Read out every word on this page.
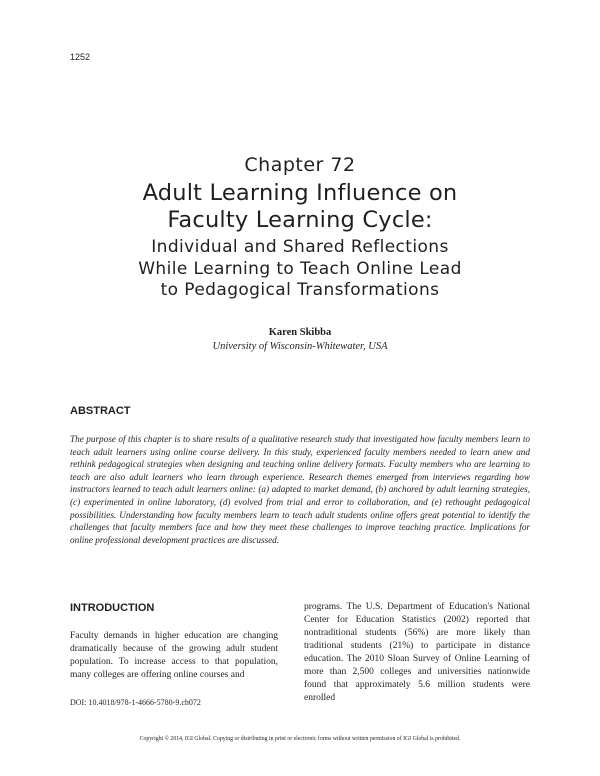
1252
Chapter 72
Adult Learning Influence on
Faculty Learning Cycle:
Individual and Shared Reflections
While Learning to Teach Online Lead
to Pedagogical Transformations
Karen Skibba
University of Wisconsin-Whitewater, USA
ABSTRACT
The purpose of this chapter is to share results of a qualitative research study that investigated how faculty members learn to teach adult learners using online course delivery. In this study, experienced faculty members needed to learn anew and rethink pedagogical strategies when designing and teaching online delivery formats. Faculty members who are learning to teach are also adult learners who learn through experience. Research themes emerged from interviews regarding how instructors learned to teach adult learners online: (a) adapted to market demand, (b) anchored by adult learning strategies, (c) experimented in online laboratory, (d) evolved from trial and error to collaboration, and (e) rethought pedagogical possibilities. Understanding how faculty members learn to teach adult students online offers great potential to identify the challenges that faculty members face and how they meet these challenges to improve teaching practice. Implications for online professional development practices are discussed.
INTRODUCTION
Faculty demands in higher education are changing dramatically because of the growing adult student population. To increase access to that population, many colleges are offering online courses and
programs. The U.S. Department of Education's National Center for Education Statistics (2002) reported that nontraditional students (56%) are more likely than traditional students (21%) to participate in distance education. The 2010 Sloan Survey of Online Learning of more than 2,500 colleges and universities nationwide found that approximately 5.6 million students were enrolled
DOI: 10.4018/978-1-4666-5780-9.ch072
Copyright © 2014, IGI Global. Copying or distributing in print or electronic forms without written permission of IGI Global is prohibited.
